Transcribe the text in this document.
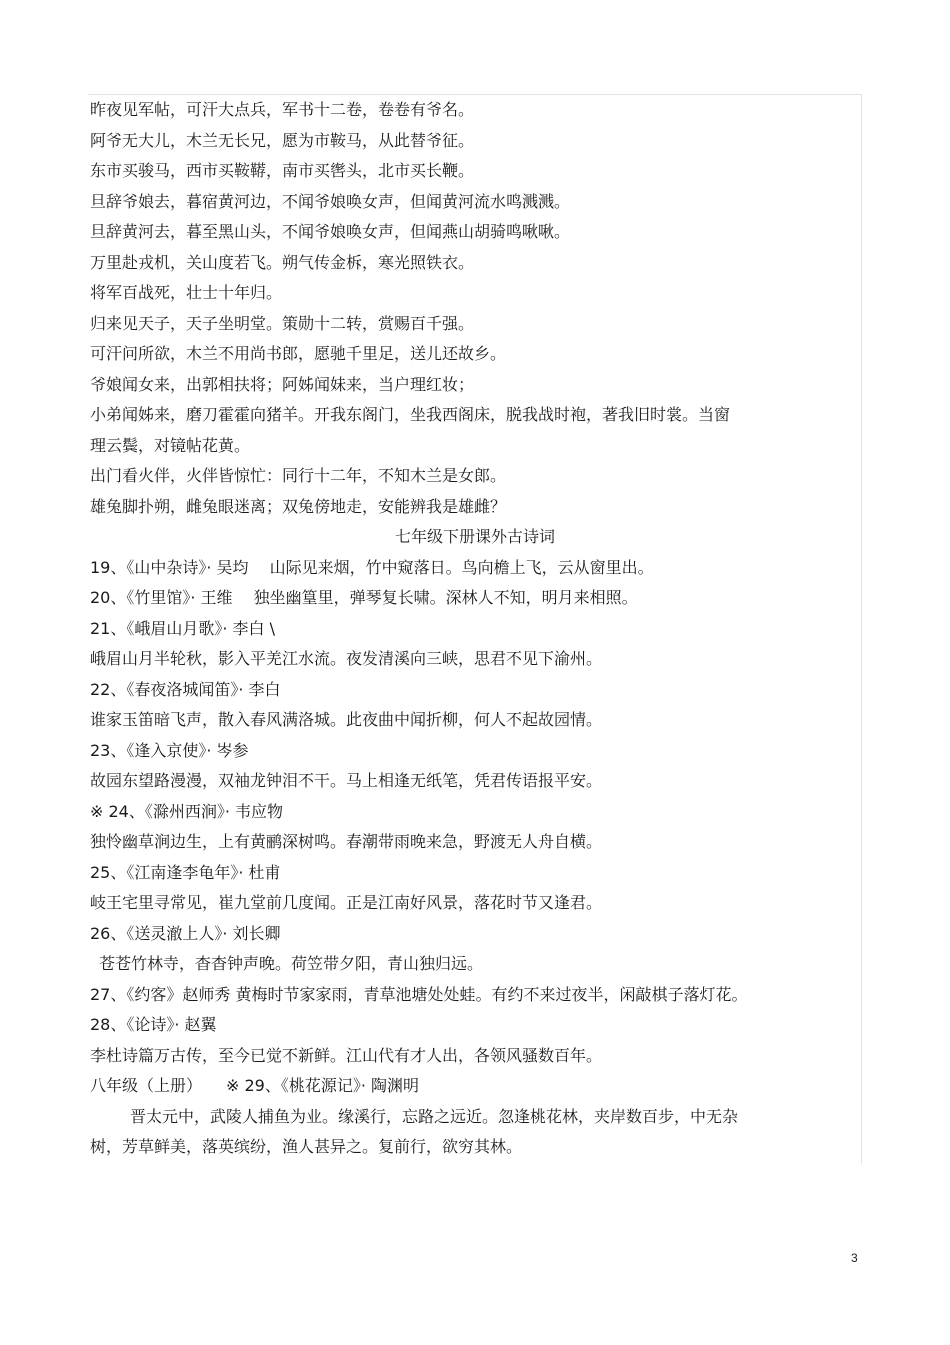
昨夜见军帖，可汗大点兵，军书十二卷，卷卷有爷名。
阿爷无大儿，木兰无长兄，愿为市鞍马，从此替爷征。
东市买骏马，西市买鞍鞯，南市买辔头，北市买长鞭。
旦辞爷娘去，暮宿黄河边，不闻爷娘唤女声，但闻黄河流水鸣溅溅。
旦辞黄河去，暮至黑山头，不闻爷娘唤女声，但闻燕山胡骑鸣啾啾。
万里赴戎机，关山度若飞。朔气传金柝，寒光照铁衣。
将军百战死，壮士十年归。
归来见天子，天子坐明堂。策勋十二转，赏赐百千强。
可汗问所欲，木兰不用尚书郎，愿驰千里足，送儿还故乡。
爷娘闻女来，出郭相扶将；阿姊闻妹来，当户理红妆；
小弟闻姊来，磨刀霍霍向猪羊。开我东阁门，坐我西阁床，脱我战时袍，著我旧时裳。当窗
理云鬓，对镜帖花黄。
出门看火伴，火伴皆惊忙：同行十二年，不知木兰是女郎。
雄兔脚扑朔，雌兔眼迷离；双兔傍地走，安能辨我是雄雌？
七年级下册课外古诗词
19、《山中杂诗》· 吴均　 山际见来烟，竹中窥落日。鸟向檐上飞，云从窗里出。
20、《竹里馆》· 王维　 独坐幽篁里，弹琴复长啸。深林人不知，明月来相照。
21、《峨眉山月歌》· 李白 \
峨眉山月半轮秋，影入平羌江水流。夜发清溪向三峡，思君不见下渝州。
22、《春夜洛城闻笛》· 李白
谁家玉笛暗飞声，散入春风满洛城。此夜曲中闻折柳，何人不起故园情。
23、《逢入京使》· 岑参
故园东望路漫漫，双袖龙钟泪不干。马上相逢无纸笔，凭君传语报平安。
※ 24、《滁州西涧》· 韦应物
独怜幽草涧边生，上有黄鹂深树鸣。春潮带雨晚来急，野渡无人舟自横。
25、《江南逢李龟年》· 杜甫
岐王宅里寻常见，崔九堂前几度闻。正是江南好风景，落花时节又逢君。
26、《送灵澈上人》· 刘长卿
苍苍竹林寺，杳杳钟声晚。荷笠带夕阳，青山独归远。
27、《约客》赵师秀 黄梅时节家家雨，青草池塘处处蛙。有约不来过夜半，闲敲棋子落灯花。
28、《论诗》· 赵翼
李杜诗篇万古传，至今已觉不新鲜。江山代有才人出，各领风骚数百年。
八年级（上册）　　※ 29、《桃花源记》· 陶渊明
晋太元中，武陵人捕鱼为业。缘溪行，忘路之远近。忽逢桃花林，夹岸数百步，中无杂
树，芳草鲜美，落英缤纷，渔人甚异之。复前行，欲穷其林。
3
